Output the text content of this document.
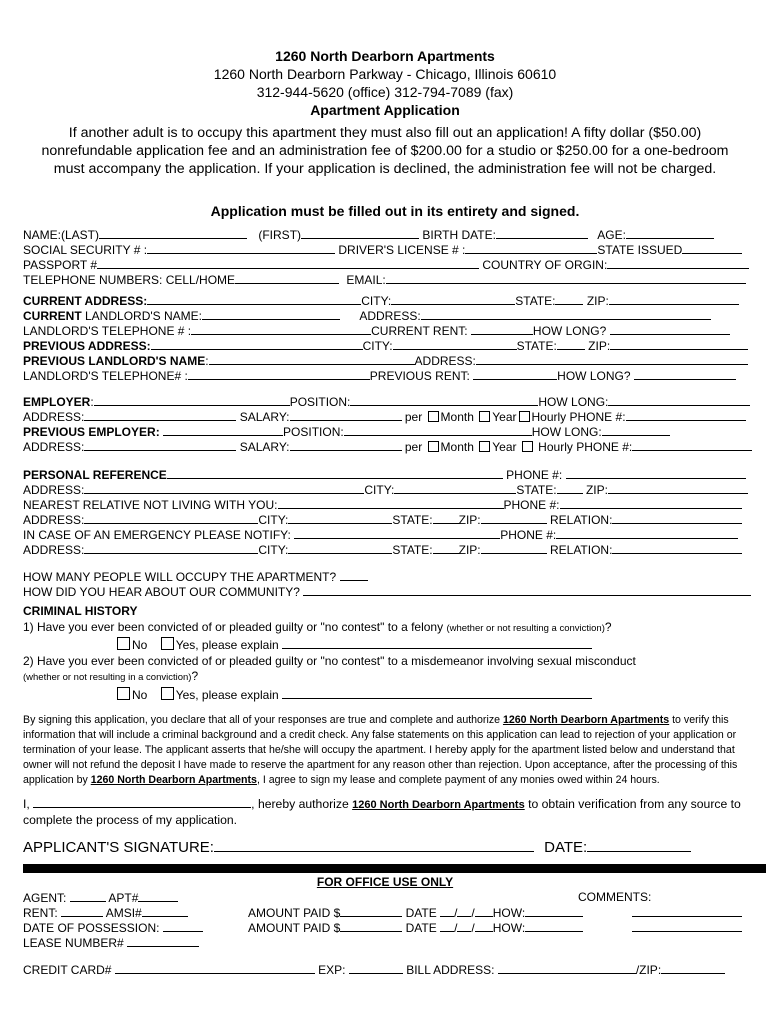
1260 North Dearborn Apartments
1260 North Dearborn Parkway - Chicago, Illinois 60610
312-944-5620 (office) 312-794-7089 (fax)
Apartment Application
If another adult is to occupy this apartment they must also fill out an application! A fifty dollar ($50.00) nonrefundable application fee and an administration fee of $200.00 for a studio or $250.00 for a one-bedroom must accompany the application. If your application is declined, the administration fee will not be charged.
Application must be filled out in its entirety and signed.
NAME:(LAST)	(FIRST)	BIRTH DATE:	AGE:
SOCIAL SECURITY # :	DRIVER'S LICENSE # :	STATE ISSUED
PASSPORT #	COUNTRY OF ORGIN:
TELEPHONE NUMBERS: CELL/HOME	EMAIL:
CURRENT ADDRESS:	CITY:	STATE:	ZIP:
CURRENT LANDLORD'S NAME:	ADDRESS:
LANDLORD'S TELEPHONE # :	CURRENT RENT:	HOW LONG?
PREVIOUS ADDRESS:	CITY:	STATE:	ZIP:
PREVIOUS LANDLORD'S NAME:	ADDRESS:
LANDLORD'S TELEPHONE# :	PREVIOUS RENT:	HOW LONG?
EMPLOYER:	POSITION:	HOW LONG:
ADDRESS:	SALARY:	per Month Year Hourly PHONE #:
PREVIOUS EMPLOYER:	POSITION:	HOW LONG:
ADDRESS:	SALARY:	per Month Year  Hourly PHONE #:
PERSONAL REFERENCE	PHONE #:
ADDRESS:	CITY:	STATE: ZIP:
NEAREST RELATIVE NOT LIVING WITH YOU:	PHONE #:
ADDRESS:	CITY:	STATE: ZIP:	RELATION:
IN CASE OF AN EMERGENCY PLEASE NOTIFY:	PHONE #:
ADDRESS:	CITY:	STATE: ZIP:	RELATION:
HOW MANY PEOPLE WILL OCCUPY THE APARTMENT?
HOW DID YOU HEAR ABOUT OUR COMMUNITY?
CRIMINAL HISTORY
1) Have you ever been convicted of or pleaded guilty or "no contest" to a felony (whether or not resulting a conviction)?
No Yes, please explain
2) Have you ever been convicted of or pleaded guilty or "no contest" to a misdemeanor involving sexual misconduct
(whether or not resulting in a conviction)?
No Yes, please explain
By signing this application, you declare that all of your responses are true and complete and authorize 1260 North Dearborn Apartments to verify this information that will include a criminal background and a credit check. Any false statements on this application can lead to rejection of your application or termination of your lease. The applicant asserts that he/she will occupy the apartment. I hereby apply for the apartment listed below and understand that owner will not refund the deposit I have made to reserve the apartment for any reason other than rejection. Upon acceptance, after the processing of this application by 1260 North Dearborn Apartments, I agree to sign my lease and complete payment of any monies owed within 24 hours.
I,	, hereby authorize 1260 North Dearborn Apartments to obtain verification from any source to complete the process of my application.
APPLICANT'S SIGNATURE:	DATE:
FOR OFFICE USE ONLY
AGENT:	APT#	COMMENTS:
RENT:	AMSI#	AMOUNT PAID $	DATE / / HOW:
DATE OF POSSESSION:	AMOUNT PAID $	DATE / / HOW:
LEASE NUMBER#
CREDIT CARD#	EXP:	BILL ADDRESS:	/ZIP:
